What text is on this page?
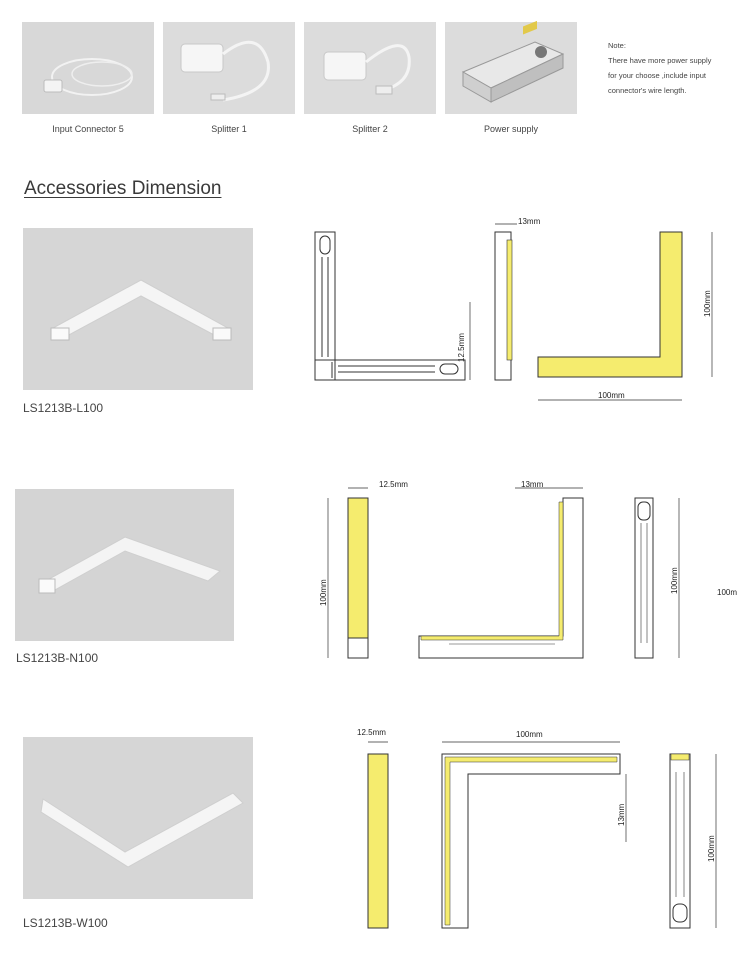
Input Connector 5	Splitter 1	Splitter 2	Power supply
Note:
There have more power supply
for your choose ,include input
connector's wire length.
Accessories Dimension
LS1213B-L100
12.5mm
13mm
100mm
100mm
LS1213B-N100
12.5mm
100mm
13mm
100mm	100m
LS1213B-W100
12.5mm	100mm
13mm
100mm
